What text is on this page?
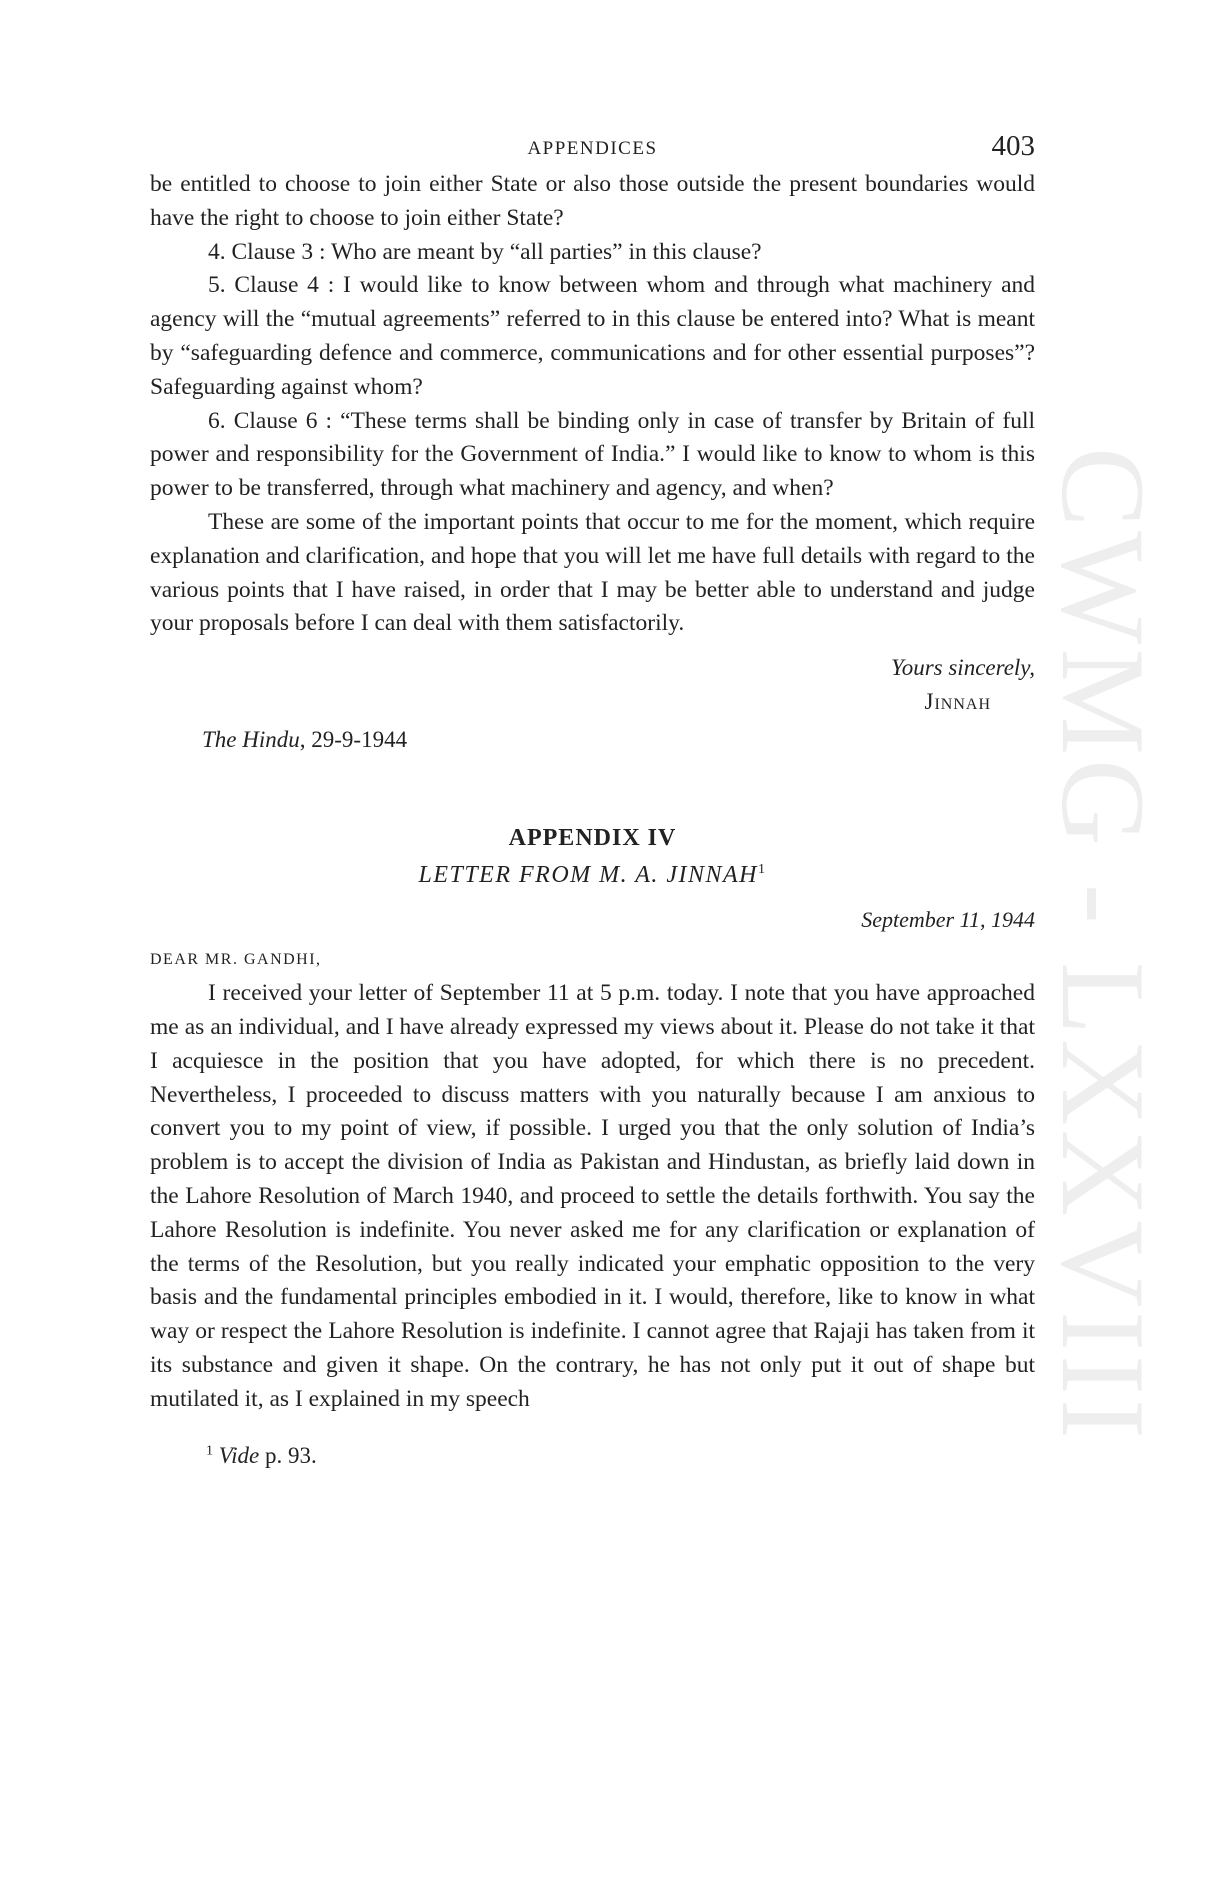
CWMG - LXXVIII
APPENDICES	403

be entitled to choose to join either State or also those outside the present boundaries would have the right to choose to join either State?

4. Clause 3 : Who are meant by “all parties” in this clause?

5. Clause 4 : I would like to know between whom and through what machinery and agency will the “mutual agreements” referred to in this clause be entered into? What is meant by “safeguarding defence and commerce, communications and for other essential purposes”? Safeguarding against whom?

6. Clause 6 : “These terms shall be binding only in case of transfer by Britain of full power and responsibility for the Government of India.” I would like to know to whom is this power to be transferred, through what machinery and agency, and when?

These are some of the important points that occur to me for the moment, which require explanation and clarification, and hope that you will let me have full details with regard to the various points that I have raised, in order that I may be better able to understand and judge your proposals before I can deal with them satisfactorily.

Yours sincerely,
Jinnah
The Hindu, 29-9-1944
APPENDIX IV
LETTER FROM M. A. JINNAH$^1$
September 11, 1944
DEAR MR. GANDHI,

I received your letter of September 11 at 5 p.m. today. I note that you have approached me as an individual, and I have already expressed my views about it. Please do not take it that I acquiesce in the position that you have adopted, for which there is no precedent. Nevertheless, I proceeded to discuss matters with you naturally because I am anxious to convert you to my point of view, if possible. I urged you that the only solution of India’s problem is to accept the division of India as Pakistan and Hindustan, as briefly laid down in the Lahore Resolution of March 1940, and proceed to settle the details forthwith. You say the Lahore Resolution is indefinite. You never asked me for any clarification or explanation of the terms of the Resolution, but you really indicated your emphatic opposition to the very basis and the fundamental principles embodied in it. I would, therefore, like to know in what way or respect the Lahore Resolution is indefinite. I cannot agree that Rajaji has taken from it its substance and given it shape. On the contrary, he has not only put it out of shape but mutilated it, as I explained in my speech

$^1$ Vide p. 93.
